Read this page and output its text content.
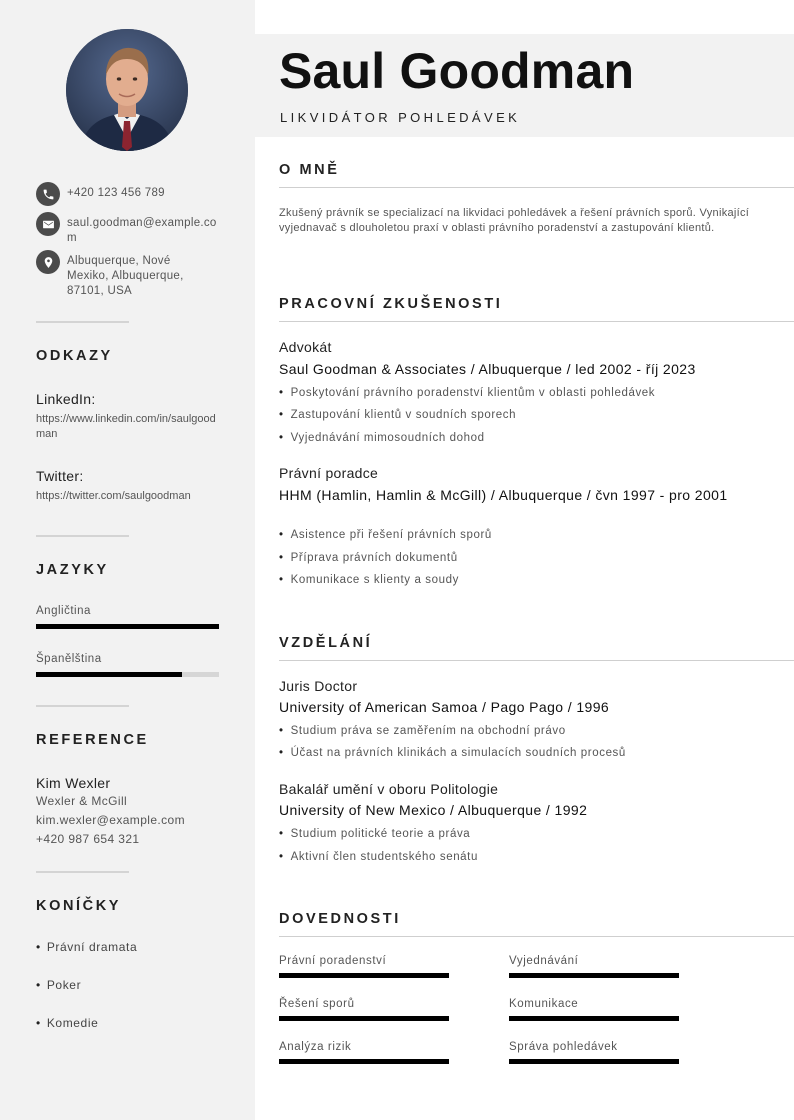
+420 123 456 789
saul.goodman@example.com
Albuquerque, Nové Mexiko, Albuquerque, 87101, USA
ODKAZY
LinkedIn:
https://www.linkedin.com/in/saulgoodman
Twitter:
https://twitter.com/saulgoodman
JAZYKY
Angličtina
Španělština
REFERENCE
Kim Wexler
Wexler & McGill
kim.wexler@example.com
+420 987 654 321
KONÍČKY
• Právní dramata
• Poker
• Komedie
Saul Goodman
LIKVIDÁTOR POHLEDÁVEK
O MNĚ
Zkušený právník se specializací na likvidaci pohledávek a řešení právních sporů. Vynikající vyjednavač s dlouholetou praxí v oblasti právního poradenství a zastupování klientů.
PRACOVNÍ ZKUŠENOSTI
Advokát
Saul Goodman & Associates / Albuquerque / led 2002 - říj 2023
• Poskytování právního poradenství klientům v oblasti pohledávek
• Zastupování klientů v soudních sporech
• Vyjednávání mimosoudních dohod
Právní poradce
HHM (Hamlin, Hamlin & McGill) / Albuquerque / čvn 1997 - pro 2001
• Asistence při řešení právních sporů
• Příprava právních dokumentů
• Komunikace s klienty a soudy
VZDĚLÁNÍ
Juris Doctor
University of American Samoa / Pago Pago / 1996
• Studium práva se zaměřením na obchodní právo
• Účast na právních klinikách a simulacích soudních procesů
Bakalář umění v oboru Politologie
University of New Mexico / Albuquerque / 1992
• Studium politické teorie a práva
• Aktivní člen studentského senátu
DOVEDNOSTI
Právní poradenství	Vyjednávání
Řešení sporů	Komunikace
Analýza rizik	Správa pohledávek
